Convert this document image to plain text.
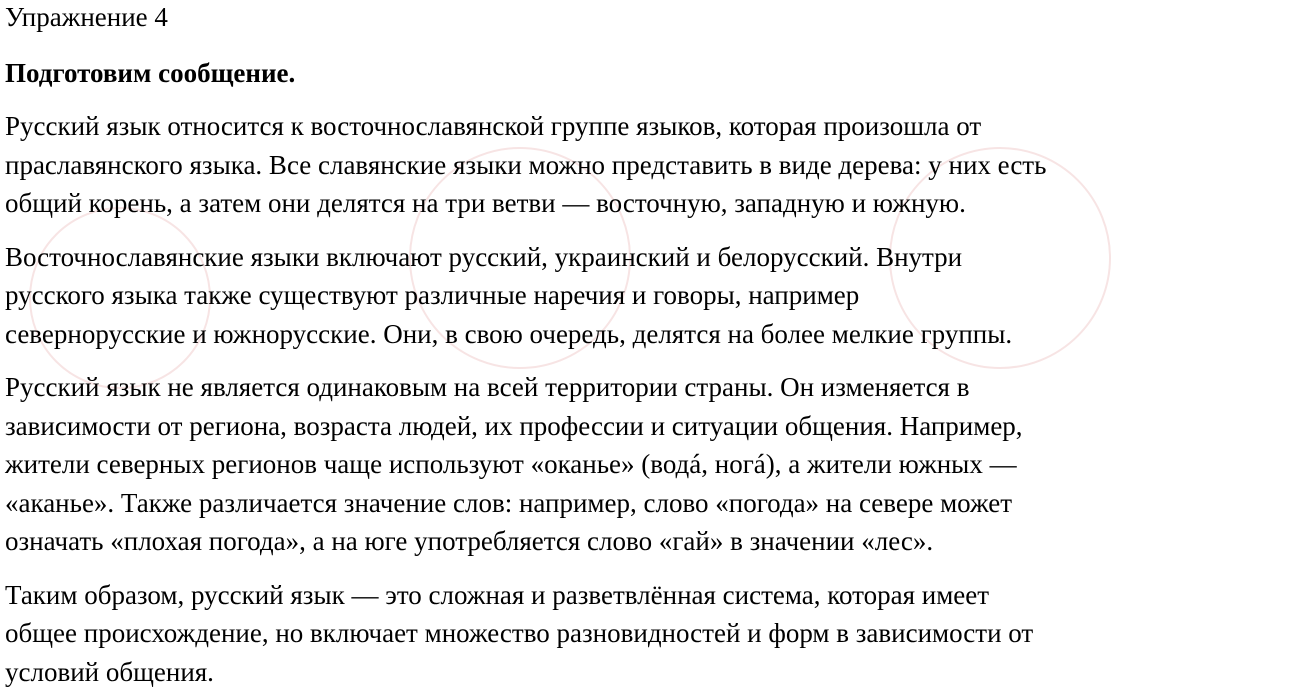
Упражнение 4
Подготовим сообщение.
Русский язык относится к восточнославянской группе языков, которая произошла от
праславянского языка. Все славянские языки можно представить в виде дерева: у них есть
общий корень, а затем они делятся на три ветви — восточную, западную и южную.
Восточнославянские языки включают русский, украинский и белорусский. Внутри
русского языка также существуют различные наречия и говоры, например
севернорусские и южнорусские. Они, в свою очередь, делятся на более мелкие группы.
Русский язык не является одинаковым на всей территории страны. Он изменяется в
зависимости от региона, возраста людей, их профессии и ситуации общения. Например,
жители северных регионов чаще используют «оканье» (водá, ногá), а жители южных —
«аканье». Также различается значение слов: например, слово «погода» на севере может
означать «плохая погода», а на юге употребляется слово «гай» в значении «лес».
Таким образом, русский язык — это сложная и разветвлённая система, которая имеет
общее происхождение, но включает множество разновидностей и форм в зависимости от
условий общения.
